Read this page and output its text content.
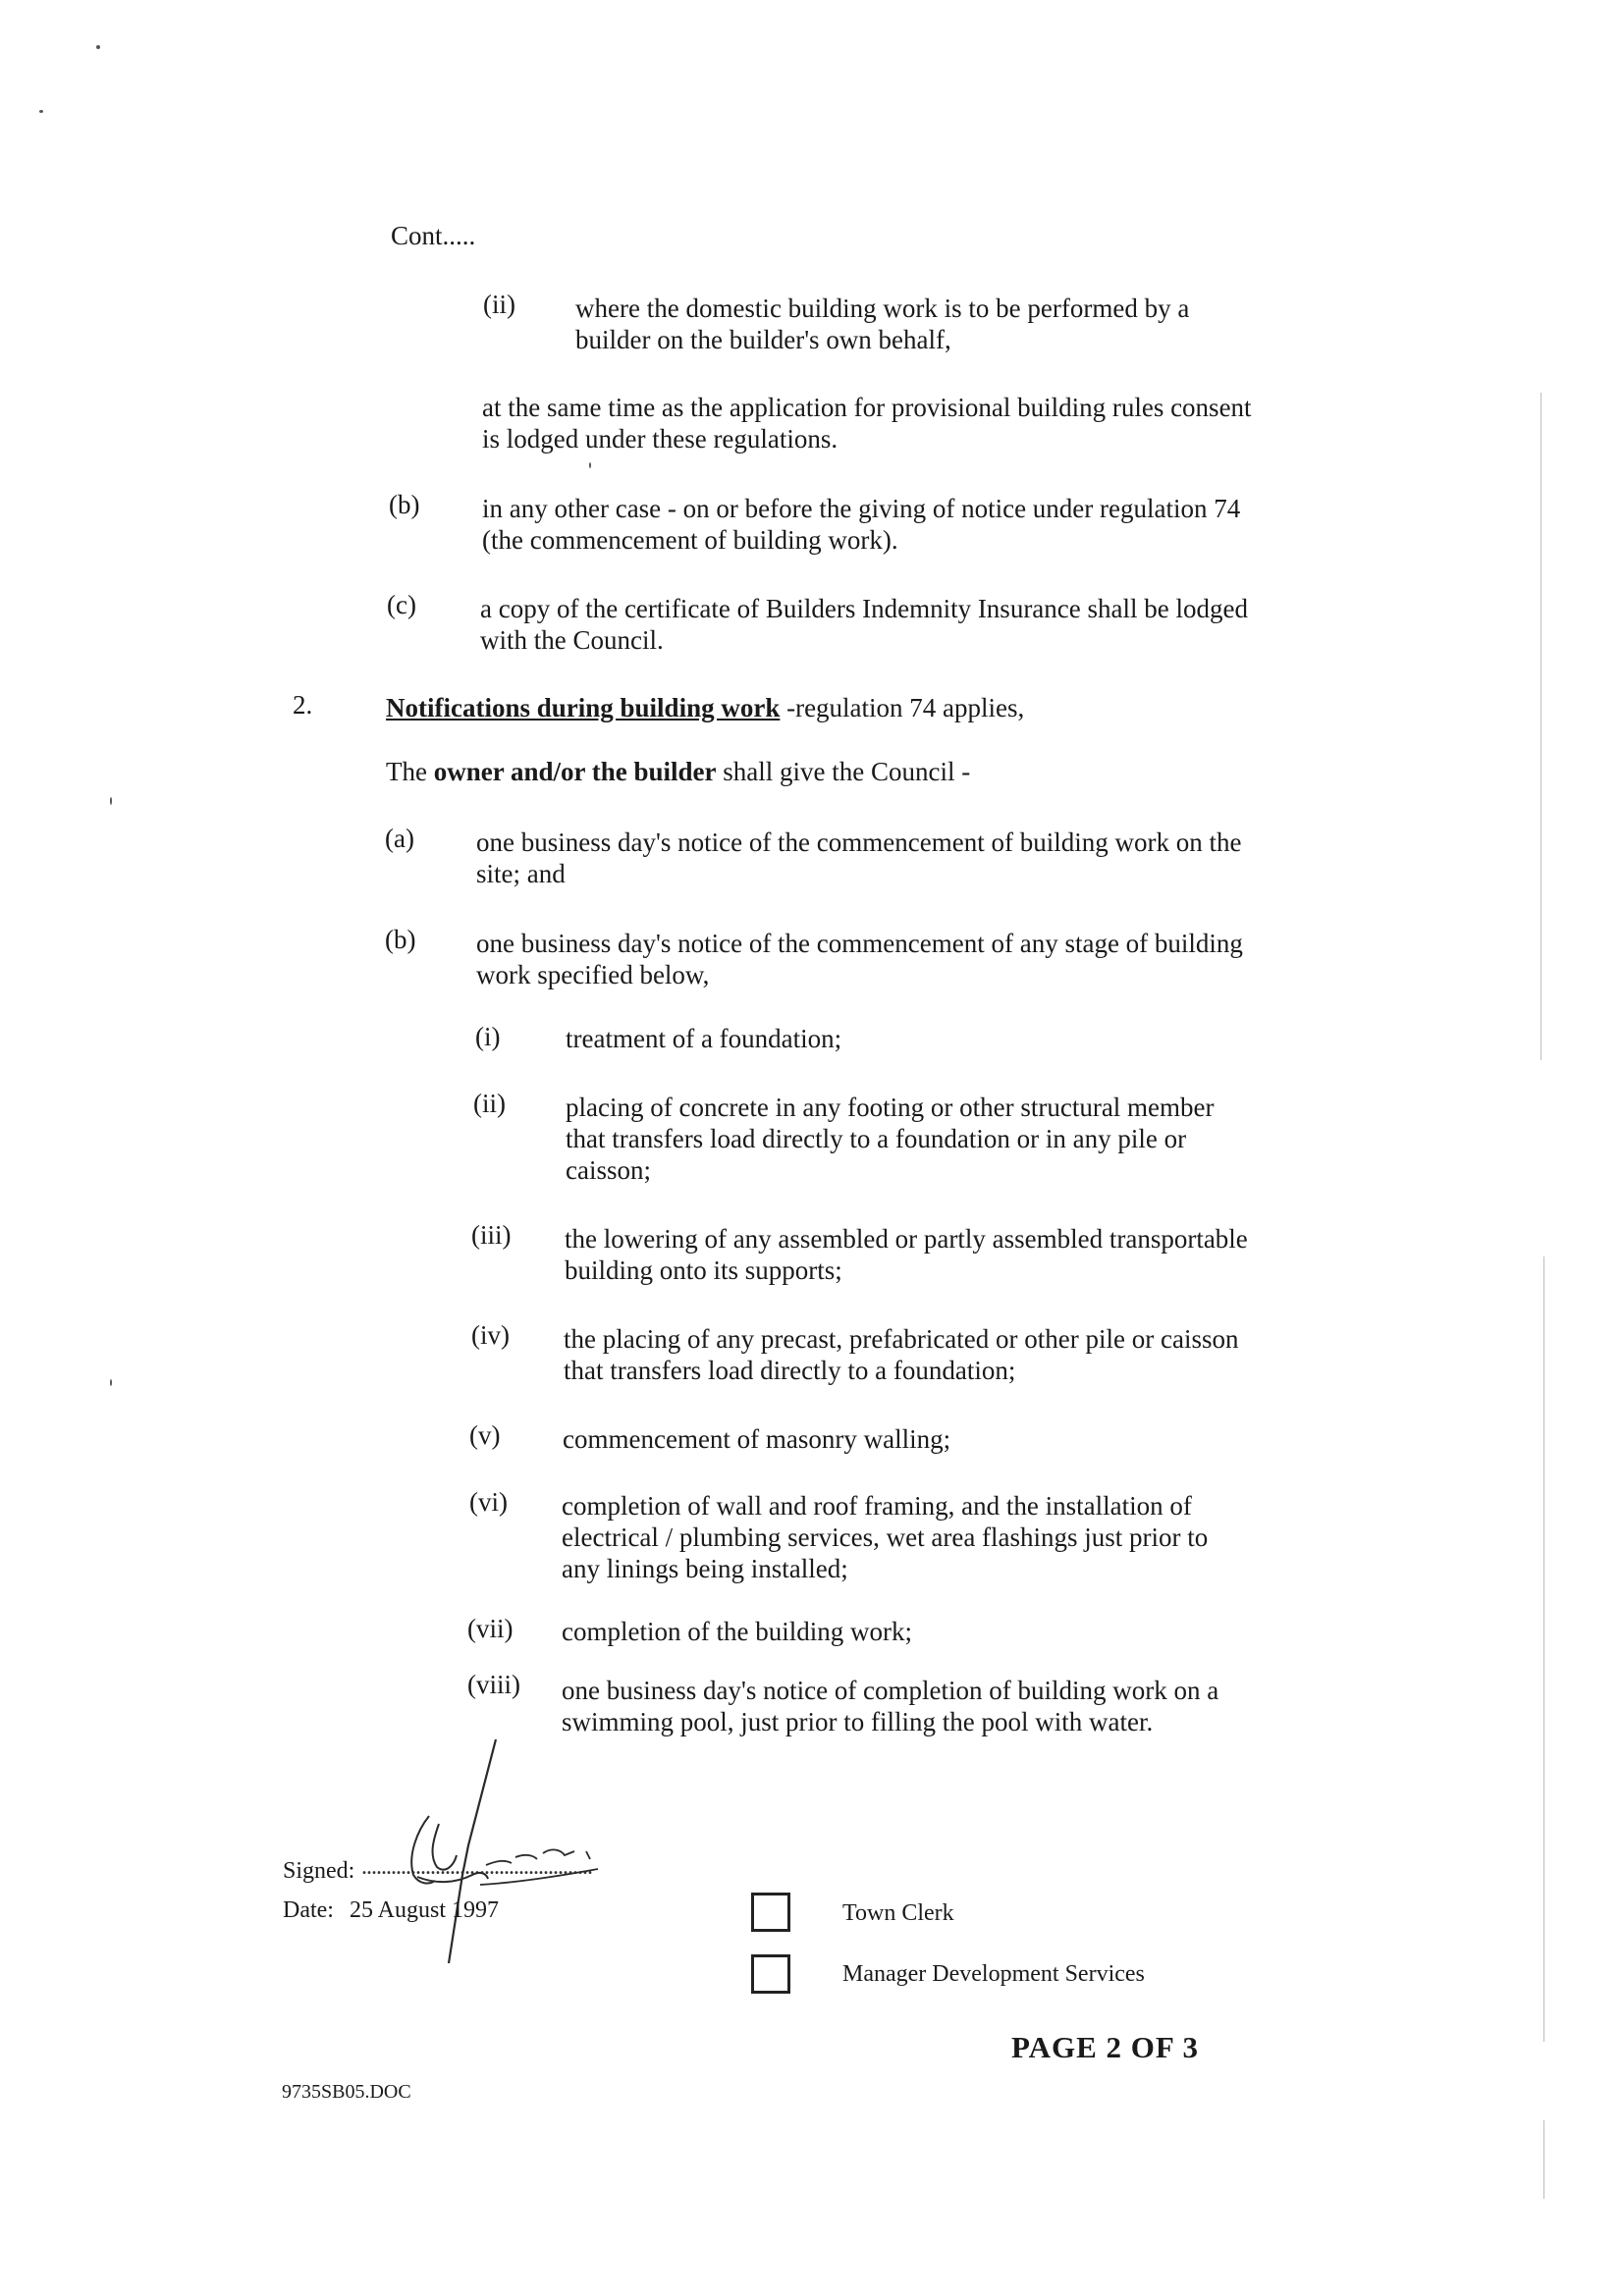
Cont.....
(ii) where the domestic building work is to be performed by a
builder on the builder's own behalf,
at the same time as the application for provisional building rules consent
is lodged under these regulations.
(b) in any other case - on or before the giving of notice under regulation 74
(the commencement of building work).
(c) a copy of the certificate of Builders Indemnity Insurance shall be lodged
with the Council.
2.	Notifications during building work -regulation 74 applies,
The owner and/or the builder shall give the Council -
(a) one business day's notice of the commencement of building work on the
site; and
(b) one business day's notice of the commencement of any stage of building
work specified below,
(i) treatment of a foundation;
(ii) placing of concrete in any footing or other structural member
that transfers load directly to a foundation or in any pile or
caisson;
(iii) the lowering of any assembled or partly assembled transportable
building onto its supports;
(iv) the placing of any precast, prefabricated or other pile or caisson
that transfers load directly to a foundation;
(v) commencement of masonry walling;
(vi) completion of wall and roof framing, and the installation of
electrical / plumbing services, wet area flashings just prior to
any linings being installed;
(vii) completion of the building work;
(viii) one business day's notice of completion of building work on a
swimming pool, just prior to filling the pool with water.
Signed: ...............................................
Date: 25 August 1997	Town Clerk
Manager Development Services
PAGE 2 OF 3
9735SB05.DOC
